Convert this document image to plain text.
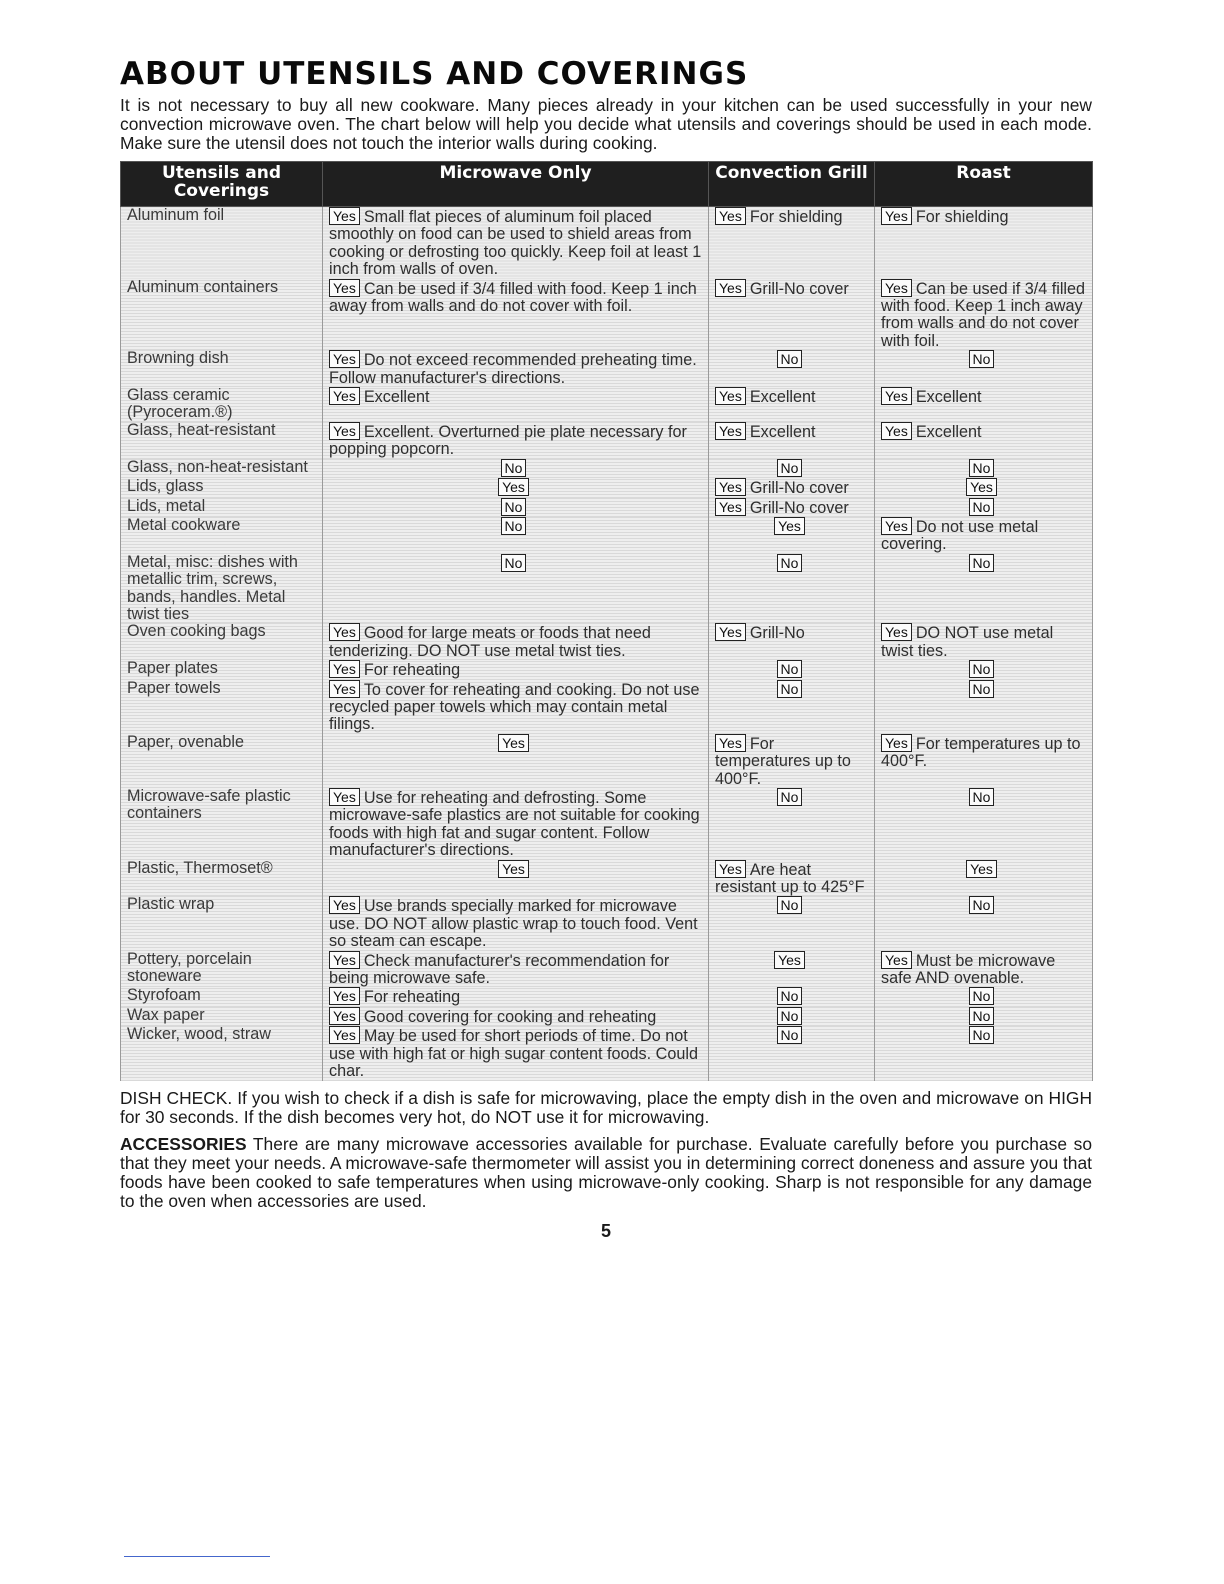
ABOUT UTENSILS AND COVERINGS

It is not necessary to buy all new cookware. Many pieces already in your kitchen can be used successfully in your new convection microwave oven. The chart below will help you decide what utensils and coverings should be used in each mode. Make sure the utensil does not touch the interior walls during cooking.

Utensils and Coverings	Microwave Only	Convection Grill	Roast
Aluminum foil	Yes Small flat pieces of aluminum foil placed smoothly on food can be used to shield areas from cooking or defrosting too quickly. Keep foil at least 1 inch from walls of oven.	Yes For shielding	Yes For shielding
Aluminum containers	Yes Can be used if 3/4 filled with food. Keep 1 inch away from walls and do not cover with foil.	Yes Grill-No cover	Yes Can be used if 3/4 filled with food. Keep 1 inch away from walls and do not cover with foil.
Browning dish	Yes Do not exceed recommended preheating time. Follow manufacturer's directions.	No	No
Glass ceramic (Pyroceram.®)	Yes Excellent	Yes Excellent	Yes Excellent
Glass, heat-resistant	Yes Excellent. Overturned pie plate necessary for popping popcorn.	Yes Excellent	Yes Excellent
Glass, non-heat-resistant	No	No	No
Lids, glass	Yes	Yes Grill-No cover	Yes
Lids, metal	No	Yes Grill-No cover	No
Metal cookware	No	Yes	Yes Do not use metal covering.
Metal, misc: dishes with metallic trim, screws, bands, handles. Metal twist ties	No	No	No
Oven cooking bags	Yes Good for large meats or foods that need tenderizing. DO NOT use metal twist ties.	Yes Grill-No	Yes DO NOT use metal twist ties.
Paper plates	Yes For reheating	No	No
Paper towels	Yes To cover for reheating and cooking. Do not use recycled paper towels which may contain metal filings.	No	No
Paper, ovenable	Yes	Yes For temperatures up to 400°F.	Yes For temperatures up to 400°F.
Microwave-safe plastic containers	Yes Use for reheating and defrosting. Some microwave-safe plastics are not suitable for cooking foods with high fat and sugar content. Follow manufacturer's directions.	No	No
Plastic, Thermoset®	Yes	Yes Are heat resistant up to 425°F	Yes
Plastic wrap	Yes Use brands specially marked for microwave use. DO NOT allow plastic wrap to touch food. Vent so steam can escape.	No	No
Pottery, porcelain stoneware	Yes Check manufacturer's recommendation for being microwave safe.	Yes	Yes Must be microwave safe AND ovenable.
Styrofoam	Yes For reheating	No	No
Wax paper	Yes Good covering for cooking and reheating	No	No
Wicker, wood, straw	Yes May be used for short periods of time. Do not use with high fat or high sugar content foods. Could char.	No	No

DISH CHECK. If you wish to check if a dish is safe for microwaving, place the empty dish in the oven and microwave on HIGH for 30 seconds. If the dish becomes very hot, do NOT use it for microwaving.

ACCESSORIES There are many microwave accessories available for purchase. Evaluate carefully before you purchase so that they meet your needs. A microwave-safe thermometer will assist you in determining correct doneness and assure you that foods have been cooked to safe temperatures when using microwave-only cooking. Sharp is not responsible for any damage to the oven when accessories are used.

5
